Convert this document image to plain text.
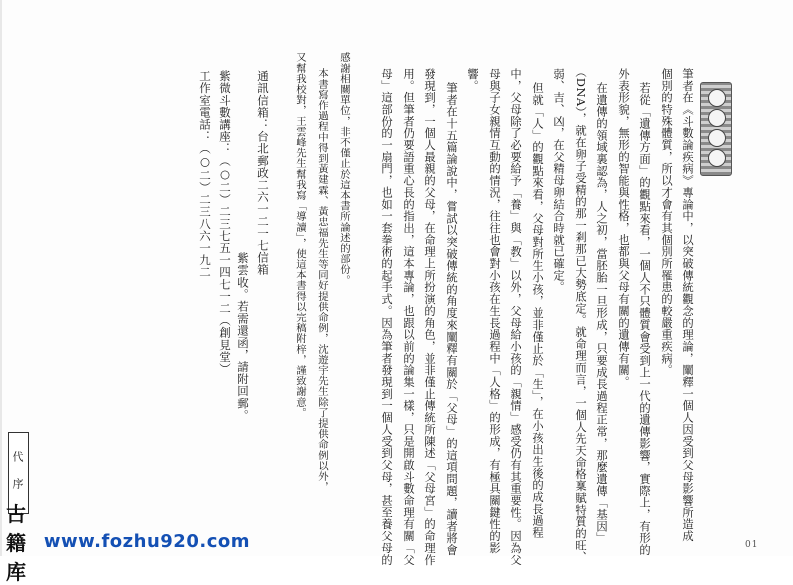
筆者在《斗數論疾病》專論中，以突破傳統觀念的理論，闡釋一個人因受到父母影響所造成
個別的特殊體質，所以才會有其個別所罹患的較嚴重疾病。
若從「遺傳方面」的觀點來看，一個人不只體質會受到上一代的遺傳影響，實際上，有形的
外表形貌，無形的智能與性格，也都與父母有關的遺傳有關。
在遺傳的領域裏認為，人之初，當胚胎一旦形成，只要成長過程正常，那麼遺傳「基因」
（DNA），就在卵子受精的那一剎那已大勢底定。就命理而言，一個人先天命格稟賦特質的旺、
弱、吉、凶，在父精母卵結合時就已確定。
但就「人」的觀點來看，父母對所生小孩，並非僅止於「生」，在小孩出生後的成長過程
中，父母除了必要給予「養」與「教」以外，父母給小孩的「親情」感受仍有其重要性。因為父
母與子女親情互動的情況，往往也會對小孩在生長過程中「人格」的形成，有極具關鍵性的影
響。
筆者在十五篇論說中，嘗試以突破傳統的角度來闡釋有關於「父母」的這項問題，讀者將會
發現到，一個人最親的父母，在命理上所扮演的角色，並非僅止傳統所陳述「父母宮」的命理作
用。但筆者仍要語重心長的指出，這本專論，也跟以前的論集一樣，只是開啟斗數命理有關「父
母」這部份的一扇門，也如一套拳術的起手式。因為筆者發現到一個人受到父母，甚至養父母的
感謝相關單位，非不僅止於這本書所論述的部份。
本書寫作過程中得到黃建霖、黃忠福先生等同好提供命例，沈遊宇先生除了提供命例以外，
又幫我校對，王雲峰先生幫我寫「導讀」，使這本書得以完稿附梓，謹致謝意。
通訊信箱：台北郵政二六一二一七信箱
紫雲收。若需還函，請附回郵。
紫微斗數講座：（○二）二三七五一四七一二（創見堂）
工作室電話：（○二）二三八六一九二
代序
01
古籍库
www.fozhu920.com
